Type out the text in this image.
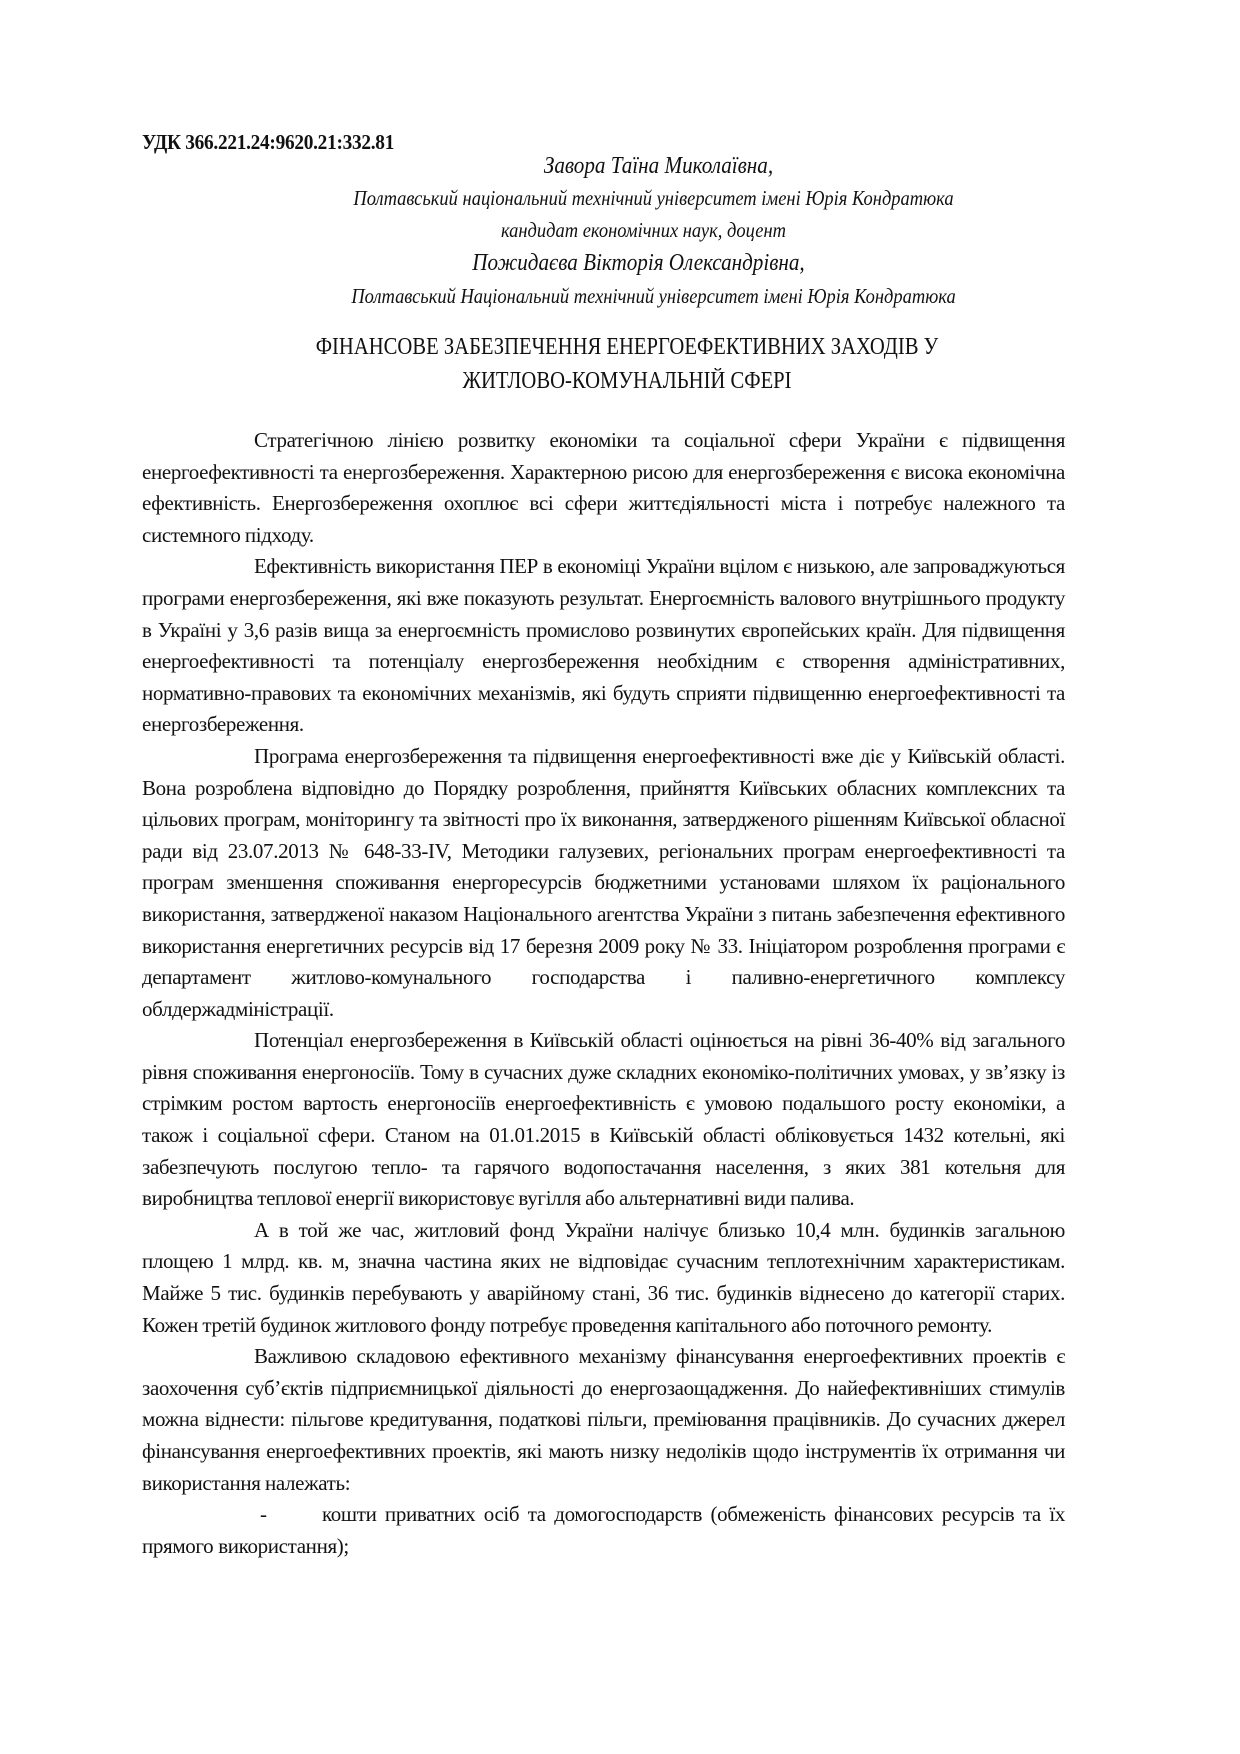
УДК 366.221.24:9620.21:332.81
Завора Таїна Миколаївна,
Полтавський національний технічний університет імені Юрія Кондратюка
кандидат економічних наук, доцент
Пожидаєва Вікторія Олександрівна,
Полтавський Національний технічний університет імені Юрія Кондратюка
ФІНАНСОВЕ ЗАБЕЗПЕЧЕННЯ ЕНЕРГОЕФЕКТИВНИХ ЗАХОДІВ У
ЖИТЛОВО-КОМУНАЛЬНІЙ СФЕРІ

Стратегічною лінією розвитку економіки та соціальної сфери України є підвищення енергоефективності та енергозбереження. Характерною рисою для енергозбереження є висока економічна ефективність. Енергозбереження охоплює всі сфери життєдіяльності міста і потребує належного та системного підходу.

Ефективність використання ПЕР в економіці України вцілом є низькою, але запроваджуються програми енергозбереження, які вже показують результат. Енергоємність валового внутрішнього продукту в Україні у 3,6 разів вища за енергоємність промислово розвинутих європейських країн. Для підвищення енергоефективності та потенціалу енергозбереження необхідним є створення адміністративних, нормативно-правових та економічних механізмів, які будуть сприяти підвищенню енергоефективності та енергозбереження.

Програма енергозбереження та підвищення енергоефективності вже діє у Київській області. Вона розроблена відповідно до Порядку розроблення, прийняття Київських обласних комплексних та цільових програм, моніторингу та звітності про їх виконання, затвердженого рішенням Київської обласної ради від 23.07.2013 № 648-33-IV, Методики галузевих, регіональних програм енергоефективності та програм зменшення споживання енергоресурсів бюджетними установами шляхом їх раціонального використання, затвердженої наказом Національного агентства України з питань забезпечення ефективного використання енергетичних ресурсів від 17 березня 2009 року № 33. Ініціатором розроблення програми є департамент житлово-комунального господарства і паливно-енергетичного комплексу облдержадміністрації.

Потенціал енергозбереження в Київській області оцінюється на рівні 36-40% від загального рівня споживання енергоносіїв. Тому в сучасних дуже складних економіко-політичних умовах, у зв’язку із стрімким ростом вартость енергоносіїв енергоефективність є умовою подальшого росту економіки, а також і соціальної сфери. Станом на 01.01.2015 в Київській області обліковується 1432 котельні, які забезпечують послугою тепло- та гарячого водопостачання населення, з яких 381 котельня для виробництва теплової енергії використовує вугілля або альтернативні види палива.

А в той же час, житловий фонд України налічує близько 10,4 млн. будинків загальною площею 1 млрд. кв. м, значна частина яких не відповідає сучасним теплотехнічним характеристикам. Майже 5 тис. будинків перебувають у аварійному стані, 36 тис. будинків віднесено до категорії старих. Кожен третій будинок житлового фонду потребує проведення капітального або поточного ремонту.

Важливою складовою ефективного механізму фінансування енергоефективних проектів є заохочення суб’єктів підприємницької діяльності до енергозаощадження. До найефективніших стимулів можна віднести: пільгове кредитування, податкові пільги, преміювання працівників. До сучасних джерел фінансування енергоефективних проектів, які мають низку недоліків щодо інструментів їх отримання чи використання належать:

-	кошти приватних осіб та домогосподарств (обмеженість фінансових ресурсів та їх прямого використання);
